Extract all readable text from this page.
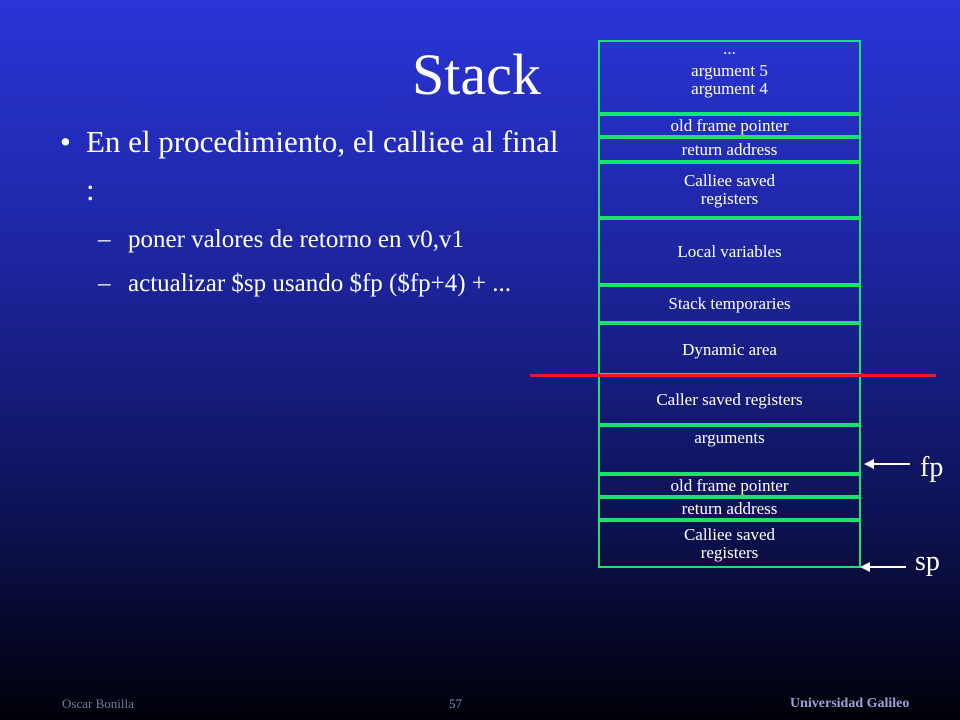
Stack
• En el procedimiento, el calliee al final :
– poner valores de retorno en v0,v1
– actualizar $sp usando $fp ($fp+4) + ...
...
argument 5
argument 4
old frame pointer
return address
Calliee saved
registers
Local variables
Stack temporaries
Dynamic area
Caller saved registers
arguments
old frame pointer
return address
Calliee saved
registers
fp
sp
Oscar Bonilla	57	Universidad Galileo
